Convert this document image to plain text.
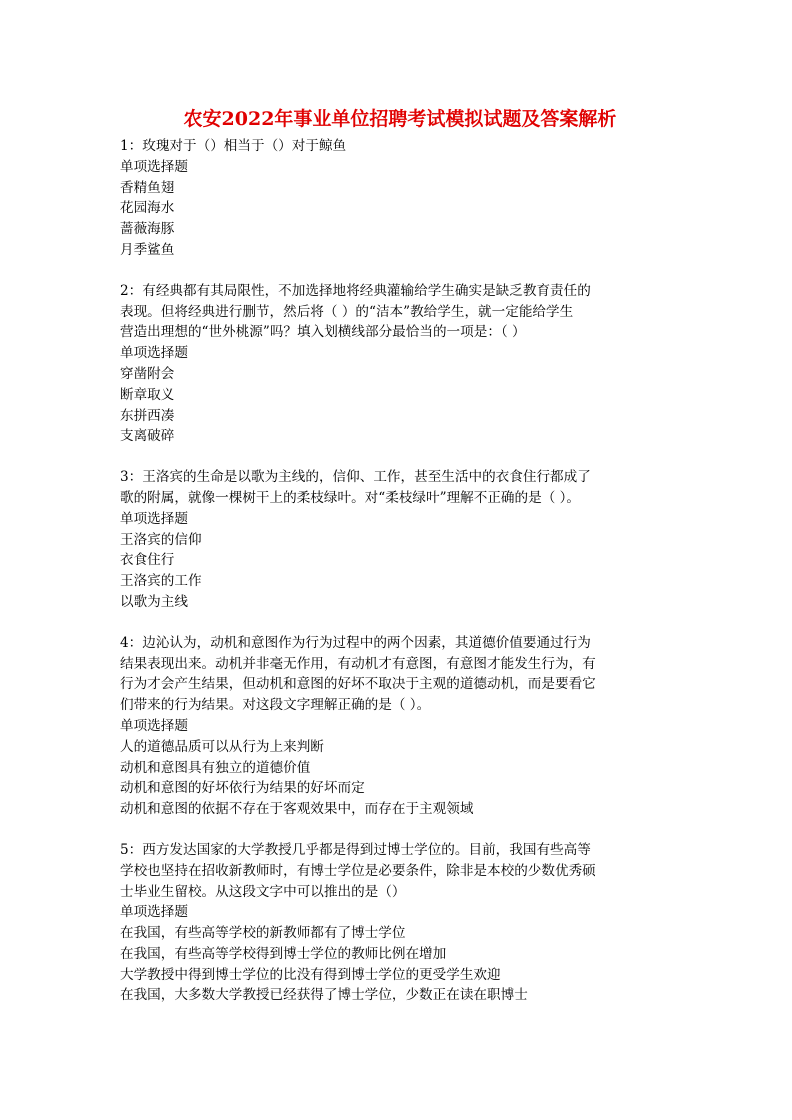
农安2022年事业单位招聘考试模拟试题及答案解析
1：玫瑰对于（）相当于（）对于鲸鱼
单项选择题
香精鱼翅
花园海水
蔷薇海豚
月季鲨鱼
2：有经典都有其局限性，不加选择地将经典灌输给学生确实是缺乏教育责任的
表现。但将经典进行删节，然后将（ ）的“洁本”教给学生，就一定能给学生
营造出理想的“世外桃源”吗？填入划横线部分最恰当的一项是：（ ）
单项选择题
穿凿附会
断章取义
东拼西凑
支离破碎
3：王洛宾的生命是以歌为主线的，信仰、工作，甚至生活中的衣食住行都成了
歌的附属，就像一棵树干上的柔枝绿叶。对“柔枝绿叶”理解不正确的是（ ）。
单项选择题
王洛宾的信仰
衣食住行
王洛宾的工作
以歌为主线
4：边沁认为，动机和意图作为行为过程中的两个因素，其道德价值要通过行为
结果表现出来。动机并非毫无作用，有动机才有意图，有意图才能发生行为，有
行为才会产生结果，但动机和意图的好坏不取决于主观的道德动机，而是要看它
们带来的行为结果。对这段文字理解正确的是（ ）。
单项选择题
人的道德品质可以从行为上来判断
动机和意图具有独立的道德价值
动机和意图的好坏依行为结果的好坏而定
动机和意图的依据不存在于客观效果中，而存在于主观领域
5：西方发达国家的大学教授几乎都是得到过博士学位的。目前，我国有些高等
学校也坚持在招收新教师时，有博士学位是必要条件，除非是本校的少数优秀硕
士毕业生留校。从这段文字中可以推出的是（）
单项选择题
在我国，有些高等学校的新教师都有了博士学位
在我国，有些高等学校得到博士学位的教师比例在增加
大学教授中得到博士学位的比没有得到博士学位的更受学生欢迎
在我国，大多数大学教授已经获得了博士学位，少数正在读在职博士
